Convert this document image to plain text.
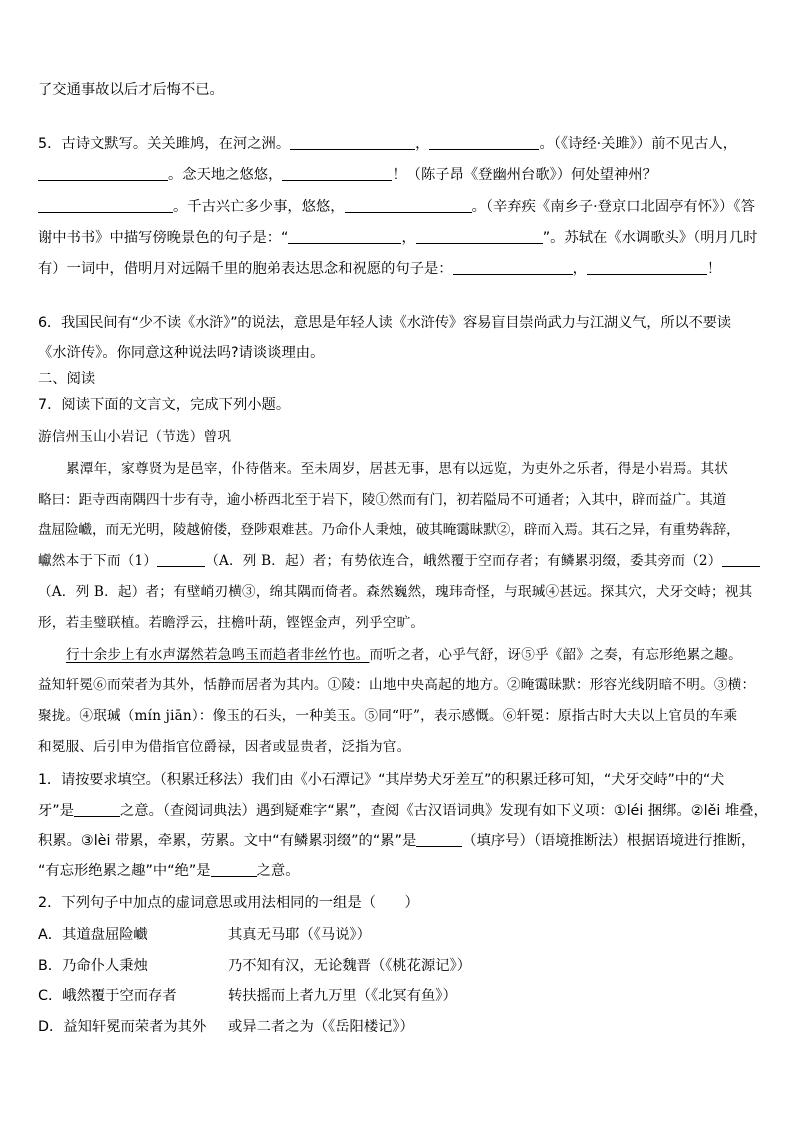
了交通事故以后才后悔不已。
5．古诗文默写。关关雎鸠，在河之洲。	，	。（《诗经·关雎》）前不见古人，
。念天地之悠悠，	！（陈子昂《登幽州台歌》）何处望神州？
。千古兴亡多少事，悠悠，	。（辛弃疾《南乡子·登京口北固亭有怀》）《答
谢中书书》中描写傍晚景色的句子是：“	，	”。苏轼在《水调歌头》（明月几时
有）一词中，借明月对远隔千里的胞弟表达思念和祝愿的句子是：	，	！
6．我国民间有“少不读《水浒》”的说法，意思是年轻人读《水浒传》容易盲目崇尚武力与江湖义气，所以不要读
《水浒传》。你同意这种说法吗?请谈谈理由。
二、阅读
7．阅读下面的文言文，完成下列小题。
游信州玉山小岩记（节选）曾巩
累潭年，家尊贤为是邑宰，仆待偕来。至未周岁，居甚无事，思有以远览，为吏外之乐者，得是小岩焉。其状
略曰：距寺西南隅四十步有寺，逾小桥西北至于岩下，陵①然而有门，初若隘局不可通者；入其中，辟而益广。其道
盘屈险巇，而无光明，陵越俯偻，登陟艰难甚。乃命仆人秉烛，破其晻霭昧默②，辟而入焉。其石之异，有重势犇辞，
巘然本于下而（1）	（A．列 B．起）者；有势依连合，峨然覆于空而存者；有鳞累羽缀，委其旁而（2）
（A．列 B．起）者；有壁峭刃横③，绵其隅而倚者。森然巍然，瑰玮奇怪，与珉瑊④甚远。探其穴，犬牙交峙；视其
形，若圭璧联植。若瞻浮云，拄檐叶葫，铿铿金声，列乎空旷。
行十余步上有水声潺然若急鸣玉而趋者非丝竹也。而听之者，心乎气舒，讶⑤乎《韶》之奏，有忘形绝累之趣。
益知轩冕⑥而荣者为其外，恬静而居者为其内。①陵：山地中央高起的地方。②晻霭昧默：形容光线阴暗不明。③横：
聚拢。④珉瑊（mín jiān）：像玉的石头，一种美玉。⑤同“吁”，表示感慨。⑥轩冕：原指古时大夫以上官员的车乘
和冕服、后引申为借指官位爵禄，因者或显贵者，泛指为官。
1．请按要求填空。（积累迁移法）我们由《小石潭记》“其岸势犬牙差互”的积累迁移可知，“犬牙交峙”中的“犬
牙”是	之意。（查阅词典法）遇到疑难字“累”，查阅《古汉语词典》发现有如下义项：①léi 捆绑。②lěi 堆叠，
积累。③lèi 带累，牵累，劳累。文中“有鳞累羽缀”的“累”是	（填序号）（语境推断法）根据语境进行推断，
“有忘形绝累之趣”中“绝”是	之意。
2．下列句子中加点的虚词意思或用法相同的一组是（　　）
A．其道盘屈险巇	其真无马耶（《马说》）
B．乃命仆人秉烛	乃不知有汉，无论魏晋（《桃花源记》）
C．峨然覆于空而存者	转扶摇而上者九万里（《北冥有鱼》）
D．益知轩冕而荣者为其外 或异二者之为（《岳阳楼记》）
